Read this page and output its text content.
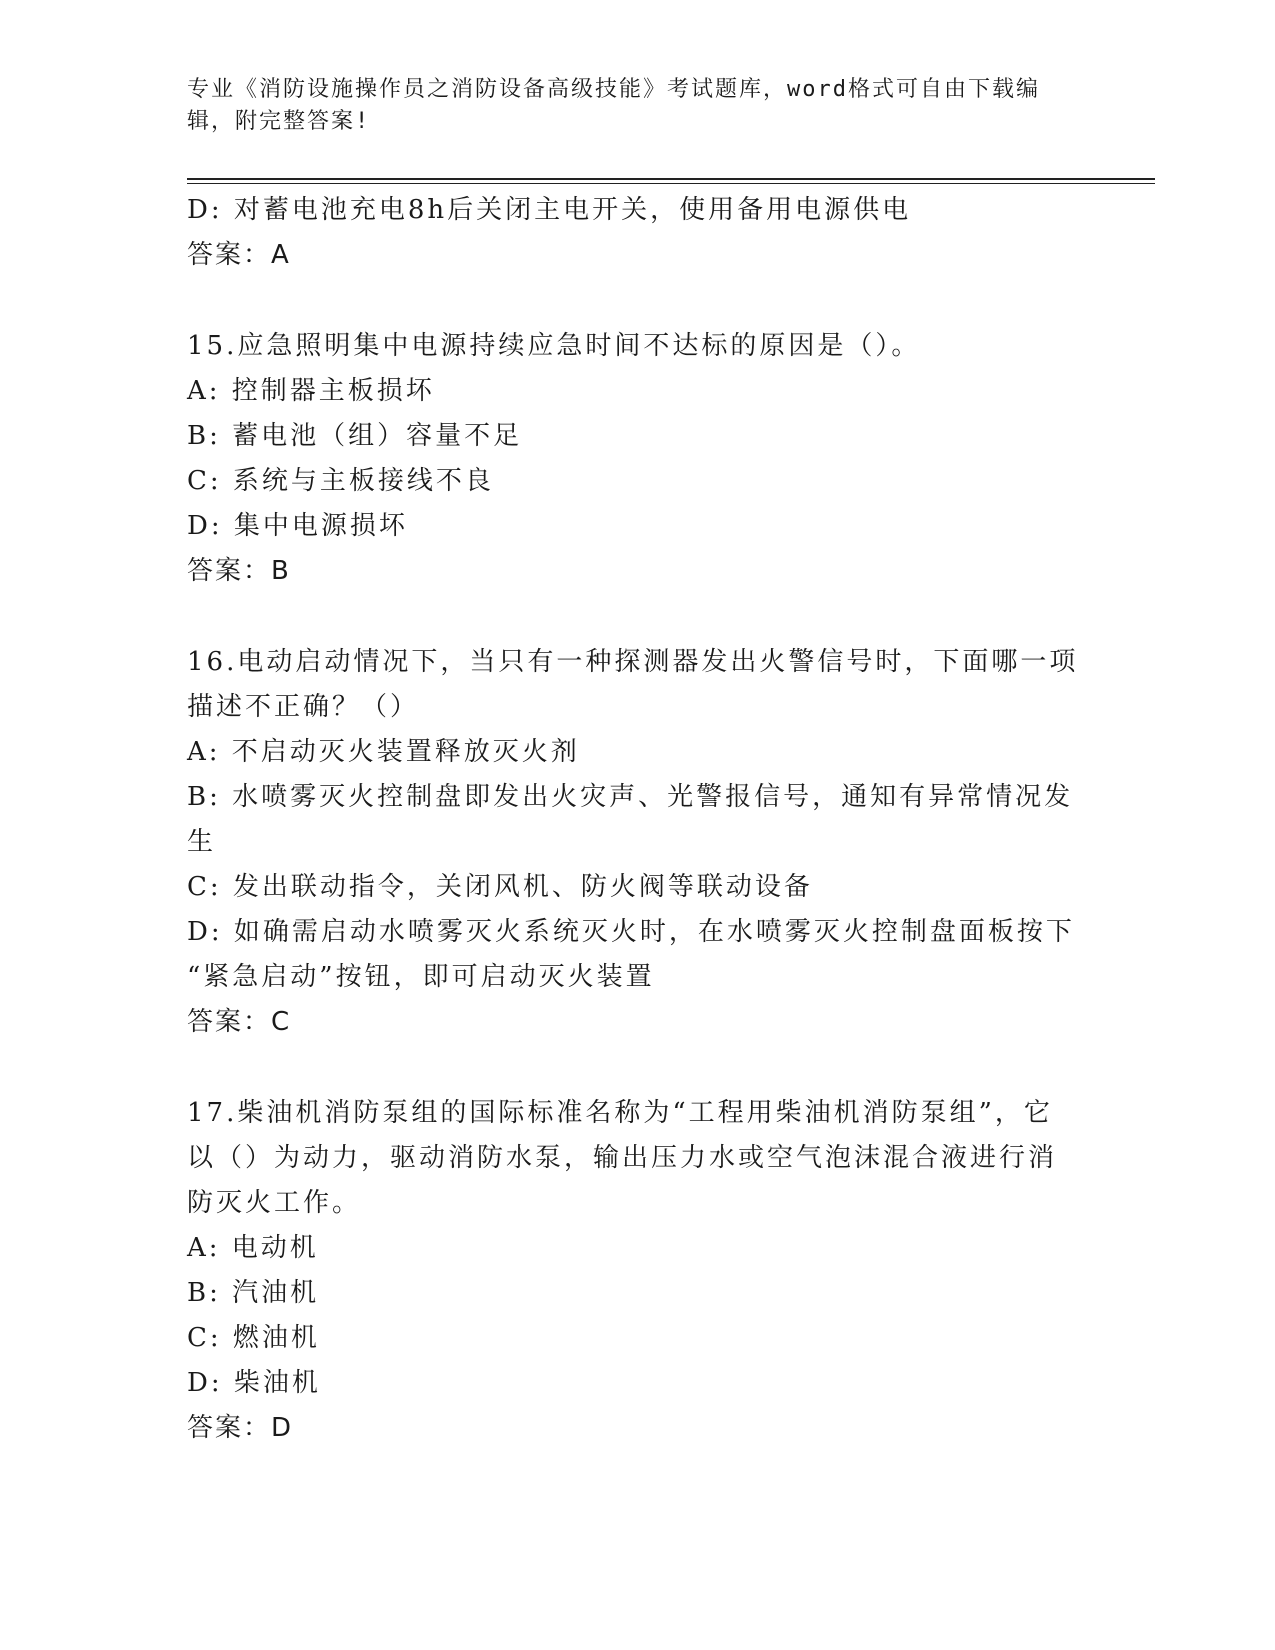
专业《消防设施操作员之消防设备高级技能》考试题库，word格式可自由下载编
辑，附完整答案!
D: 对蓄电池充电8h后关闭主电开关，使用备用电源供电
答案：A
15.应急照明集中电源持续应急时间不达标的原因是（）。
A: 控制器主板损坏
B: 蓄电池（组）容量不足
C: 系统与主板接线不良
D: 集中电源损坏
答案：B
16.电动启动情况下，当只有一种探测器发出火警信号时，下面哪一项
描述不正确？（）
A: 不启动灭火装置释放灭火剂
B: 水喷雾灭火控制盘即发出火灾声、光警报信号，通知有异常情况发
生
C: 发出联动指令，关闭风机、防火阀等联动设备
D: 如确需启动水喷雾灭火系统灭火时，在水喷雾灭火控制盘面板按下
“紧急启动”按钮，即可启动灭火装置
答案：C
17.柴油机消防泵组的国际标准名称为“工程用柴油机消防泵组”，它
以（）为动力，驱动消防水泵，输出压力水或空气泡沫混合液进行消
防灭火工作。
A: 电动机
B: 汽油机
C: 燃油机
D: 柴油机
答案：D
